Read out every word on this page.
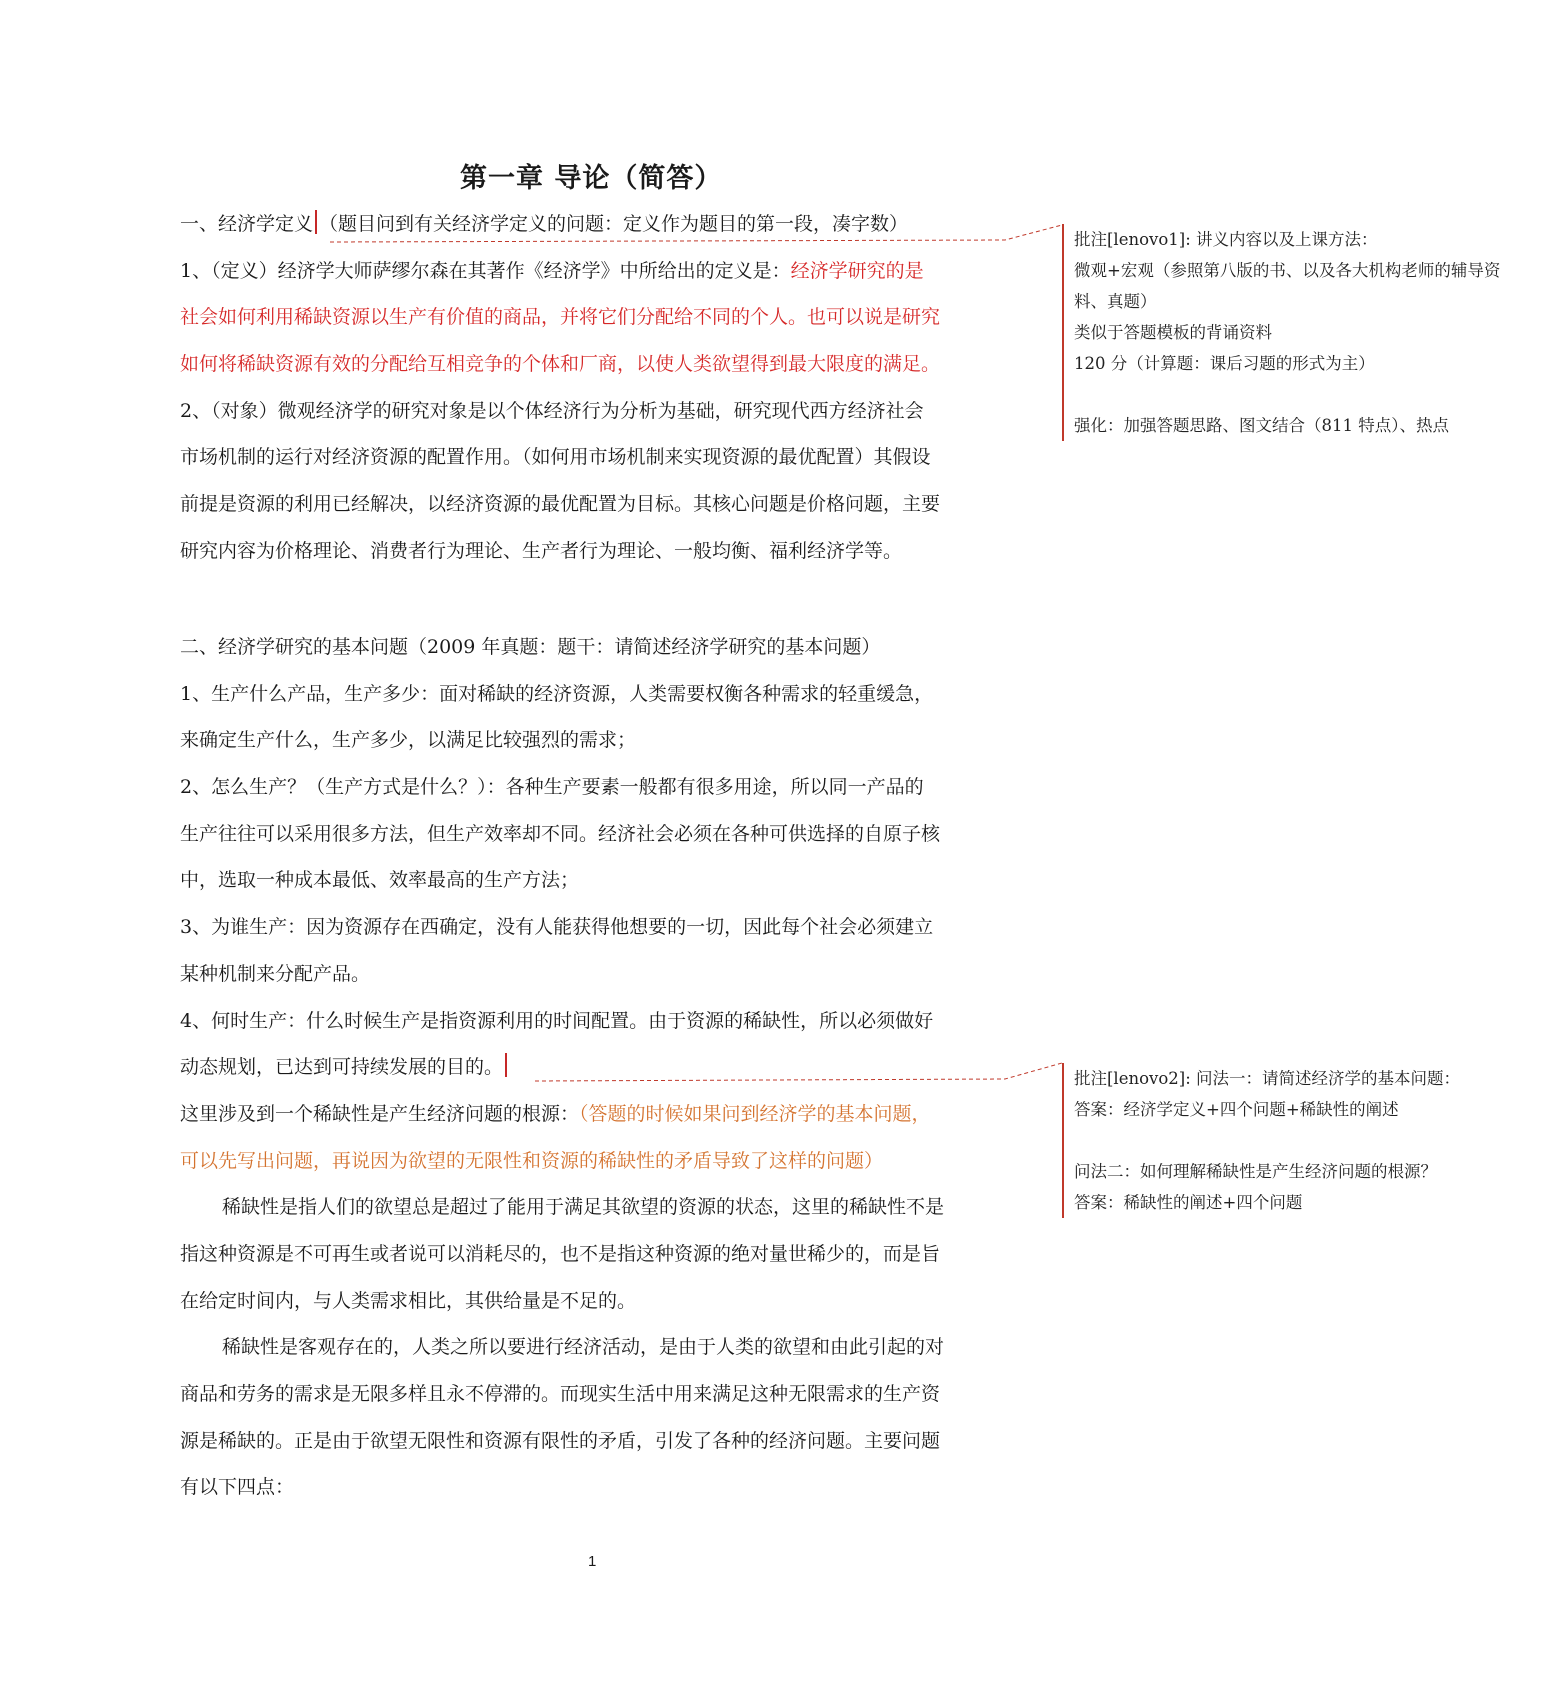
第一章 导论（简答）
一、经济学定义 （题目问到有关经济学定义的问题：定义作为题目的第一段，凑字数）
1、（定义）经济学大师萨缪尔森在其著作《经济学》中所给出的定义是：经济学研究的是
社会如何利用稀缺资源以生产有价值的商品，并将它们分配给不同的个人。也可以说是研究
如何将稀缺资源有效的分配给互相竞争的个体和厂商，以使人类欲望得到最大限度的满足。
2、（对象）微观经济学的研究对象是以个体经济行为分析为基础，研究现代西方经济社会
市场机制的运行对经济资源的配置作用。（如何用市场机制来实现资源的最优配置）其假设
前提是资源的利用已经解决，以经济资源的最优配置为目标。其核心问题是价格问题，主要
研究内容为价格理论、消费者行为理论、生产者行为理论、一般均衡、福利经济学等。
二、经济学研究的基本问题（2009 年真题：题干：请简述经济学研究的基本问题）
1、生产什么产品，生产多少：面对稀缺的经济资源，人类需要权衡各种需求的轻重缓急，
来确定生产什么，生产多少，以满足比较强烈的需求；
2、怎么生产？（生产方式是什么？）：各种生产要素一般都有很多用途，所以同一产品的
生产往往可以采用很多方法，但生产效率却不同。经济社会必须在各种可供选择的自原子核
中，选取一种成本最低、效率最高的生产方法；
3、为谁生产：因为资源存在西确定，没有人能获得他想要的一切，因此每个社会必须建立
某种机制来分配产品。
4、何时生产：什么时候生产是指资源利用的时间配置。由于资源的稀缺性，所以必须做好
动态规划，已达到可持续发展的目的。
这里涉及到一个稀缺性是产生经济问题的根源：（答题的时候如果问到经济学的基本问题，
可以先写出问题，再说因为欲望的无限性和资源的稀缺性的矛盾导致了这样的问题）
稀缺性是指人们的欲望总是超过了能用于满足其欲望的资源的状态，这里的稀缺性不是
指这种资源是不可再生或者说可以消耗尽的，也不是指这种资源的绝对量世稀少的，而是旨
在给定时间内，与人类需求相比，其供给量是不足的。
稀缺性是客观存在的，人类之所以要进行经济活动，是由于人类的欲望和由此引起的对
商品和劳务的需求是无限多样且永不停滞的。而现实生活中用来满足这种无限需求的生产资
源是稀缺的。正是由于欲望无限性和资源有限性的矛盾，引发了各种的经济问题。主要问题
有以下四点：
批注[lenovo1]: 讲义内容以及上课方法：
微观+宏观（参照第八版的书、以及各大机构老师的辅导资
料、真题）
类似于答题模板的背诵资料
120 分（计算题：课后习题的形式为主）
强化：加强答题思路、图文结合（811 特点）、热点
批注[lenovo2]: 问法一：请简述经济学的基本问题：
答案：经济学定义+四个问题+稀缺性的阐述
问法二：如何理解稀缺性是产生经济问题的根源？
答案：稀缺性的阐述+四个问题
1
